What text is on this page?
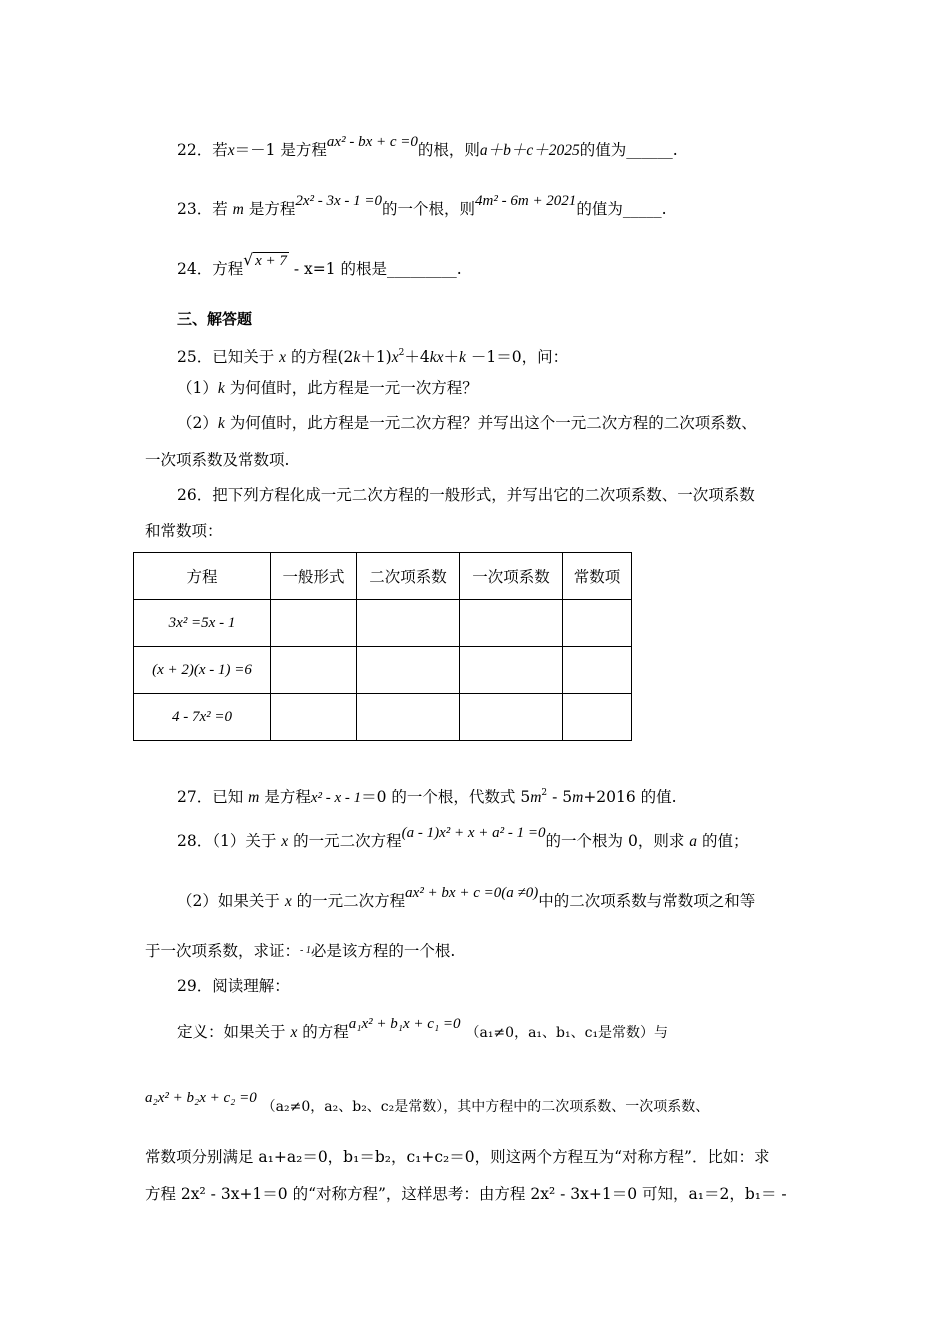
22．若x＝－1 是方程ax² - bx + c =0的根，则a＋b＋c＋2025的值为______.
23．若 m 是方程2x² - 3x - 1 =0的一个根，则4m² - 6m + 2021的值为_____.
24．方程√ x + 7 - x=1 的根是_________.
三、解答题
25．已知关于 x 的方程$(2k+1)x^2+4kx+k -1=0$，问：
（1）k 为何值时，此方程是一元一次方程？
（2）k 为何值时，此方程是一元二次方程？并写出这个一元二次方程的二次项系数、
一次项系数及常数项.
26．把下列方程化成一元二次方程的一般形式，并写出它的二次项系数、一次项系数
和常数项：
方程	一般形式	二次项系数	一次项系数	常数项
3x² =5x - 1				
(x + 2)(x - 1) =6				
4 - 7x² =0				
27．已知 m 是方程x² - x - 1＝0 的一个根，代数式 $5m^2 - 5m+2016$ 的值.
28．（1）关于 x 的一元二次方程(a - 1)x² + x + a² - 1 =0的一个根为 0，则求 a 的值；
（2）如果关于 x 的一元二次方程ax² + bx + c =0(a ≠0)中的二次项系数与常数项之和等
于一次项系数，求证：- 1必是该方程的一个根.
29．阅读理解：
定义：如果关于 x 的方程a₁x² + b₁x + c₁ =0 （a₁≠0，a₁、b₁、c₁是常数）与
a₂x² + b₂x + c₂ =0 （a₂≠0，a₂、b₂、c₂是常数），其中方程中的二次项系数、一次项系数、
常数项分别满足 a₁+a₂＝0，b₁＝b₂，c₁+c₂＝0，则这两个方程互为“对称方程”．比如：求
方程 2x² - 3x+1＝0 的“对称方程”，这样思考：由方程 2x² - 3x+1＝0 可知，a₁＝2，b₁＝ -
